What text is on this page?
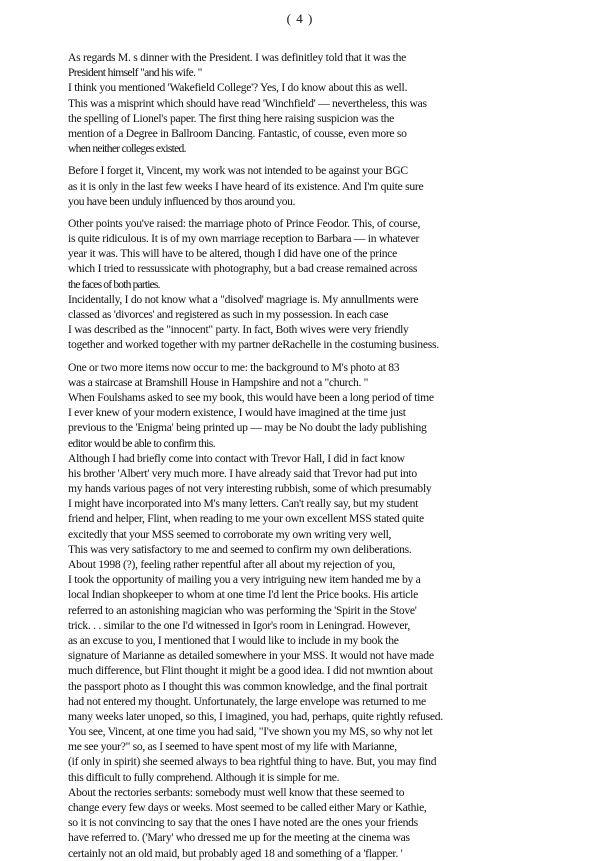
( 4 )
As regards M. s dinner with the President. I was definitley told that it was the
President himself "and his wife. "
I think you mentioned 'Wakefield College'? Yes, I do know about this as well.
This was a misprint which should have read 'Winchfield' — nevertheless, this was
the spelling of Lionel's paper. The first thing here raising suspicion was the
mention of a Degree in Ballroom Dancing. Fantastic, of cousse, even more so
when neither colleges existed.
Before I forget it, Vincent, my work was not intended to be against your BGC
as it is only in the last few weeks I have heard of its existence. And I'm quite sure
you have been unduly influenced by thos around you.
Other points you've raised: the marriage photo of Prince Feodor. This, of course,
is quite ridiculous. It is of my own marriage reception to Barbara — in whatever
year it was. This will have to be altered, though I did have one of the prince
which I tried to ressussicate with photography, but a bad crease remained across
the faces of both parties.
Incidentally, I do not know what a "disolved' magriage is. My annullments were
classed as 'divorces' and registered as such in my possession. In each case
I was described as the "innocent" party. In fact, Both wives were very friendly
together and worked together with my partner deRachelle in the costuming business.
One or two more items now occur to me: the background to M's photo at 83
was a staircase at Bramshill House in Hampshire and not a "church. "
When Foulshams asked to see my book, this would have been a long period of time
I ever knew of your modern existence, I would have imagined at the time just
previous to the 'Enigma' being printed up — may be No doubt the lady publishing
editor would be able to confirm this.
Although I had briefly come into contact with Trevor Hall, I did in fact know
his brother 'Albert' very much more. I have already said that Trevor had put into
my hands various pages of not very interesting rubbish, some of which presumably
I might have incorporated into M's many letters. Can't really say, but my student
friend and helper, Flint, when reading to me your own excellent MSS stated quite
excitedly that your MSS seemed to corroborate my own writing very well,
This was very satisfactory to me and seemed to confirm my own deliberations.
About 1998 (?), feeling rather repentful after all about my rejection of you,
I took the opportunity of mailing you a very intriguing new item handed me by a
local Indian shopkeeper to whom at one time I'd lent the Price books. His article
referred to an astonishing magician who was performing the 'Spirit in the Stove'
trick. . . similar to the one I'd witnessed in Igor's room in Leningrad. However,
as an excuse to you, I mentioned that I would like to include in my book the
signature of Marianne as detailed somewhere in your MSS. It would not have made
much difference, but Flint thought it might be a good idea. I did not mwntion about
the passport photo as I thought this was common knowledge, and the final portrait
had not entered my thought. Unfortunately, the large envelope was returned to me
many weeks later unoped, so this, I imagined, you had, perhaps, quite rightly refused.
You see, Vincent, at one time you had said, "I've shown you my MS, so why not let
me see your?" so, as I seemed to have spent most of my life with Marianne,
(if only in spirit) she seemed always to bea rightful thing to have. But, you may find
this difficult to fully comprehend. Although it is simple for me.
About the rectories serbants: somebody must well know that these seemed to
change every few days or weeks. Most seemed to be called either Mary or Kathie,
so it is not convincing to say that the ones I have noted are the ones your friends
have referred to. ('Mary' who dressed me up for the meeting at the cinema was
certainly not an old maid, but probably aged 18 and something of a 'flapper. '
